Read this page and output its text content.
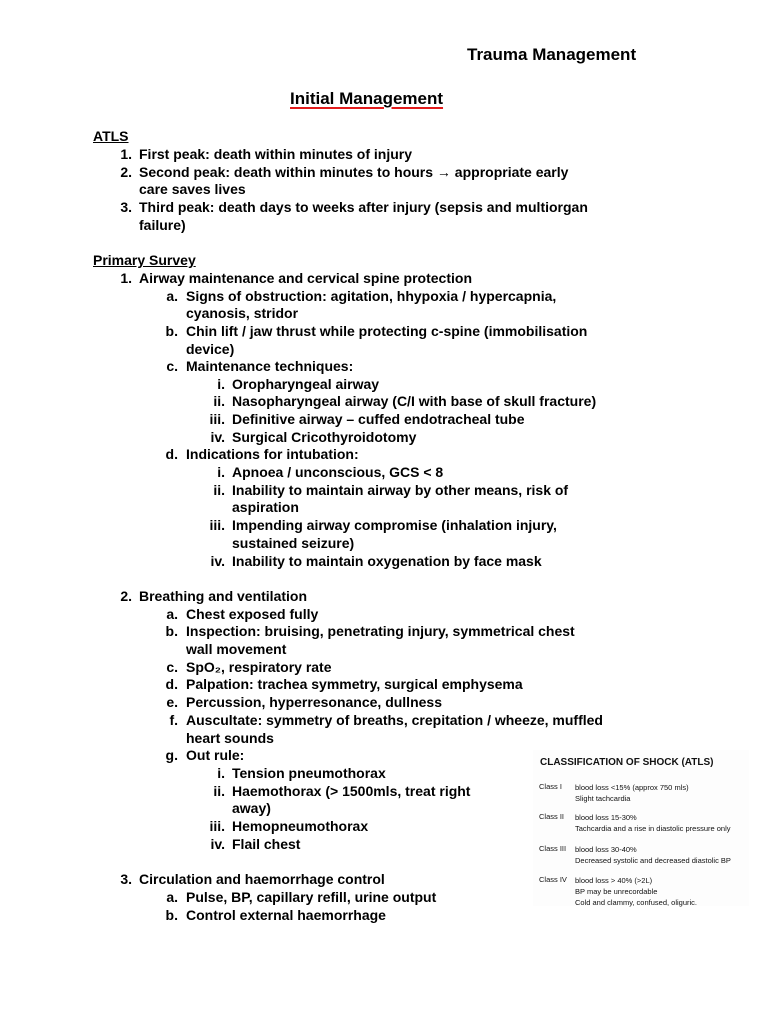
Trauma Management
Initial Management
ATLS
1. First peak: death within minutes of injury
2. Second peak: death within minutes to hours → appropriate early
care saves lives
3. Third peak: death days to weeks after injury (sepsis and multiorgan
failure)
Primary Survey
1. Airway maintenance and cervical spine protection
a. Signs of obstruction: agitation, hhypoxia / hypercapnia,
cyanosis, stridor
b. Chin lift / jaw thrust while protecting c-spine (immobilisation
device)
c. Maintenance techniques:
i. Oropharyngeal airway
ii. Nasopharyngeal airway (C/I with base of skull fracture)
iii. Definitive airway – cuffed endotracheal tube
iv. Surgical Cricothyroidotomy
d. Indications for intubation:
i. Apnoea / unconscious, GCS < 8
ii. Inability to maintain airway by other means, risk of
aspiration
iii. Impending airway compromise (inhalation injury,
sustained seizure)
iv. Inability to maintain oxygenation by face mask
2. Breathing and ventilation
a. Chest exposed fully
b. Inspection: bruising, penetrating injury, symmetrical chest
wall movement
c. SpO₂, respiratory rate
d. Palpation: trachea symmetry, surgical emphysema
e. Percussion, hyperresonance, dullness
f. Auscultate: symmetry of breaths, crepitation / wheeze, muffled
heart sounds
g. Out rule:
i. Tension pneumothorax
ii. Haemothorax (> 1500mls, treat right
away)
iii. Hemopneumothorax
iv. Flail chest
3. Circulation and haemorrhage control
a. Pulse, BP, capillary refill, urine output
b. Control external haemorrhage
CLASSIFICATION OF SHOCK (ATLS)
Class I blood loss <15% (approx 750 mls)
Slight tachcardia
Class II blood loss 15-30%
Tachcardia and a rise in diastolic pressure only
Class III blood loss 30-40%
Decreased systolic and decreased diastolic BP
Class IV blood loss > 40% (>2L)
BP may be unrecordable
Cold and clammy, confused, oliguric.
